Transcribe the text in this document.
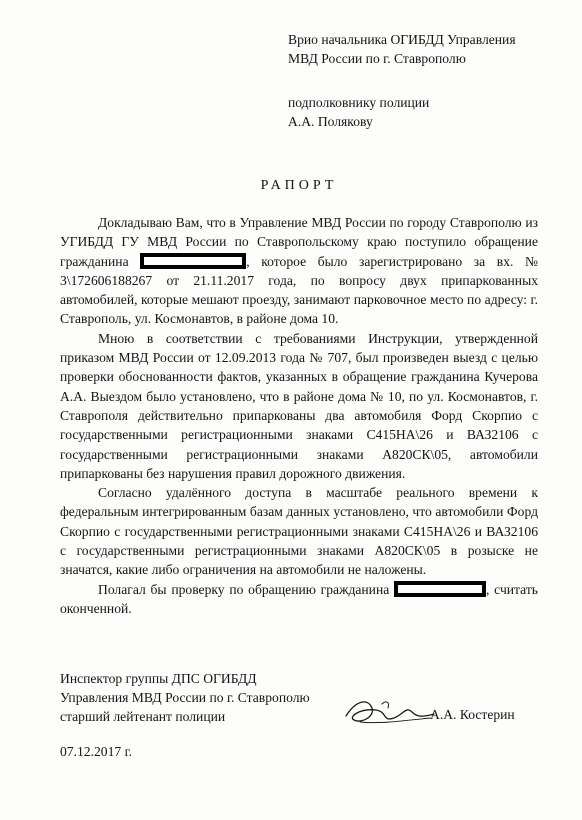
Врио начальника ОГИБДД Управления
МВД России по г. Ставрополю
подполковнику полиции
А.А. Полякову
РАПОРТ

Докладываю Вам, что в Управление МВД России по городу Ставрополю из УГИБДД ГУ МВД России по Ставропольскому краю поступило обращение гражданина	, которое было зарегистрировано за вх. № 3\172606188267 от 21.11.2017 года, по вопросу двух припаркованных автомобилей, которые мешают проезду, занимают парковочное место по адресу: г. Ставрополь, ул. Космонавтов, в районе дома 10.

Мною в соответствии с требованиями Инструкции, утвержденной приказом МВД России от 12.09.2013 года № 707, был произведен выезд с целью проверки обоснованности фактов, указанных в обращение гражданина Кучерова А.А. Выездом было установлено, что в районе дома № 10, по ул. Космонавтов, г. Ставрополя действительно припаркованы два автомобиля Форд Скорпио с государственными регистрационными знаками С415НА\26 и ВАЗ2106 с государственными регистрационными знаками А820СК\05, автомобили припаркованы без нарушения правил дорожного движения.

Согласно удалённого доступа в масштабе реального времени к федеральным интегрированным базам данных установлено, что автомобили Форд Скорпио с государственными регистрационными знаками С415НА\26 и ВАЗ2106 с государственными регистрационными знаками А820СК\05 в розыске не значатся, какие либо ограничения на автомобили не наложены.

Полагал бы проверку по обращению гражданина	, считать оконченной.

Инспектор группы ДПС ОГИБДД
Управления МВД России по г. Ставрополю
старший лейтенант полиции	А.А. Костерин
07.12.2017 г.
